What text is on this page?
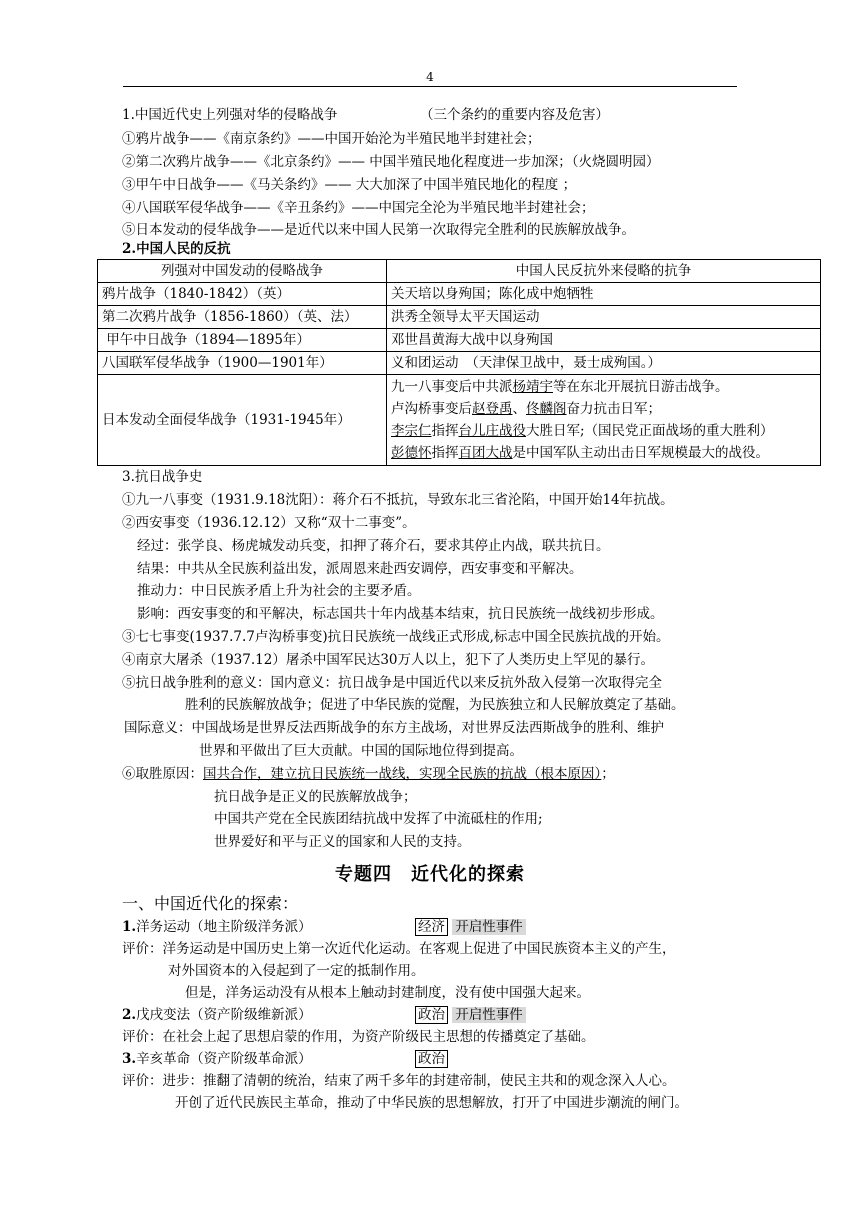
4
1.中国近代史上列强对华的侵略战争	（三个条约的重要内容及危害）
①鸦片战争——《南京条约》——中国开始沦为半殖民地半封建社会；
②第二次鸦片战争——《北京条约》—— 中国半殖民地化程度进一步加深；（火烧圆明园）
③甲午中日战争——《马关条约》—— 大大加深了中国半殖民地化的程度 ；
④八国联军侵华战争——《辛丑条约》——中国完全沦为半殖民地半封建社会；
⑤日本发动的侵华战争——是近代以来中国人民第一次取得完全胜利的民族解放战争。
2.中国人民的反抗
列强对中国发动的侵略战争	中国人民反抗外来侵略的抗争
鸦片战争（1840-1842）（英）	关天培以身殉国；陈化成中炮牺牲
第二次鸦片战争（1856-1860）（英、法）	洪秀全领导太平天国运动
甲午中日战争（1894—1895年）	邓世昌黄海大战中以身殉国
八国联军侵华战争（1900—1901年）	义和团运动　（天津保卫战中，聂士成殉国。）
日本发动全面侵华战争（1931-1945年）	九一八事变后中共派杨靖宇等在东北开展抗日游击战争。
卢沟桥事变后赵登禹、佟麟阁奋力抗击日军；
李宗仁指挥台儿庄战役大胜日军;（国民党正面战场的重大胜利）
彭德怀指挥百团大战是中国军队主动出击日军规模最大的战役。
3.抗日战争史
①九一八事变（1931.9.18沈阳）：蒋介石不抵抗，导致东北三省沦陷，中国开始14年抗战。
②西安事变（1936.12.12）又称“双十二事变”。
经过：张学良、杨虎城发动兵变，扣押了蒋介石，要求其停止内战，联共抗日。
结果：中共从全民族利益出发，派周恩来赴西安调停，西安事变和平解决。
推动力：中日民族矛盾上升为社会的主要矛盾。
影响：西安事变的和平解决，标志国共十年内战基本结束，抗日民族统一战线初步形成。
③七七事变(1937.7.7卢沟桥事变)抗日民族统一战线正式形成,标志中国全民族抗战的开始。
④南京大屠杀（1937.12）屠杀中国军民达30万人以上，犯下了人类历史上罕见的暴行。
⑤抗日战争胜利的意义：国内意义：抗日战争是中国近代以来反抗外敌入侵第一次取得完全
胜利的民族解放战争；促进了中华民族的觉醒，为民族独立和人民解放奠定了基础。
国际意义：中国战场是世界反法西斯战争的东方主战场，对世界反法西斯战争的胜利、维护
世界和平做出了巨大贡献。中国的国际地位得到提高。
⑥取胜原因：国共合作，建立抗日民族统一战线，实现全民族的抗战（根本原因）；
抗日战争是正义的民族解放战争；
中国共产党在全民族团结抗战中发挥了中流砥柱的作用;
世界爱好和平与正义的国家和人民的支持。
专题四　近代化的探索
一、中国近代化的探索：
1.洋务运动（地主阶级洋务派）	经济 开启性事件
评价：洋务运动是中国历史上第一次近代化运动。在客观上促进了中国民族资本主义的产生，
对外国资本的入侵起到了一定的抵制作用。
但是，洋务运动没有从根本上触动封建制度，没有使中国强大起来。
2.戊戌变法（资产阶级维新派）	政治 开启性事件
评价：在社会上起了思想启蒙的作用，为资产阶级民主思想的传播奠定了基础。
3.辛亥革命（资产阶级革命派）	政治
评价：进步：推翻了清朝的统治，结束了两千多年的封建帝制，使民主共和的观念深入人心。
开创了近代民族民主革命，推动了中华民族的思想解放，打开了中国进步潮流的闸门。
